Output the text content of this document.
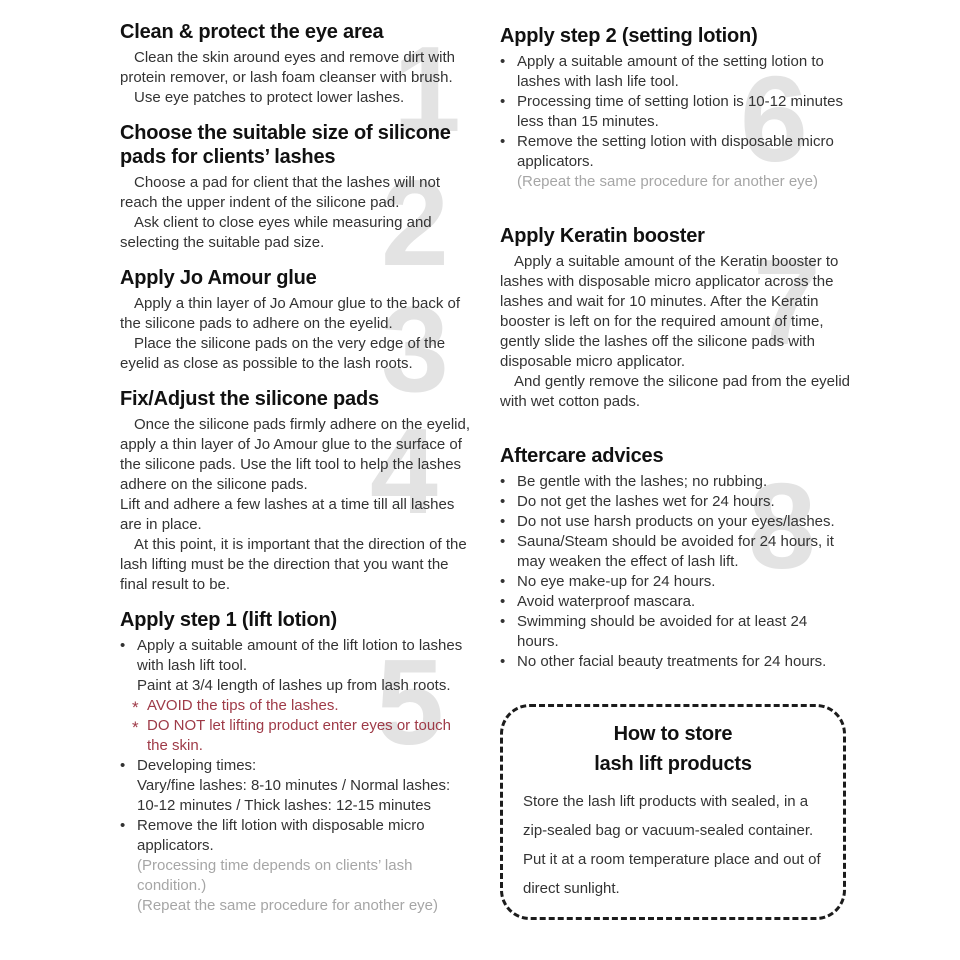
1
2
3
4
5
6
7
8
Clean & protect the eye area

Clean the skin around eyes and remove dirt with protein remover, or lash foam cleanser with brush.

Use eye patches to protect lower lashes.

Choose the suitable size of silicone pads for clients’ lashes

Choose a pad for client that the lashes will not reach the upper indent of the silicone pad.

Ask client to close eyes while measuring and selecting the suitable pad size.

Apply Jo Amour glue

Apply a thin layer of Jo Amour glue to the back of the silicone pads to adhere on the eyelid.

Place the silicone pads on the very edge of the eyelid as close as possible to the lash roots.

Fix/Adjust the silicone pads

Once the silicone pads firmly adhere on the eyelid, apply a thin layer of Jo Amour glue to the surface of the silicone pads. Use the lift tool to help the lashes adhere on the silicone pads.

Lift and adhere a few lashes at a time till all lashes are in place.

At this point, it is important that the direction of the lash lifting must be the direction that you want the final result to be.

Apply step 1 (lift lotion)
• Apply a suitable amount of the lift lotion to lashes with lash lift tool.
Paint at 3/4 length of lashes up from lash roots.
* AVOID the tips of the lashes.
* DO NOT let lifting product enter eyes or touch the skin.
• Developing times:
Vary/fine lashes: 8-10 minutes / Normal lashes: 10-12 minutes / Thick lashes: 12-15 minutes
• Remove the lift lotion with disposable micro applicators.
(Processing time depends on clients’ lash condition.)
(Repeat the same procedure for another eye)
Apply step 2 (setting lotion)
• Apply a suitable amount of the setting lotion to lashes with lash life tool.
• Processing time of setting lotion is 10-12 minutes less than 15 minutes.
• Remove the setting lotion with disposable micro applicators.
(Repeat the same procedure for another eye)
Apply Keratin booster

Apply a suitable amount of the Keratin booster to lashes with disposable micro applicator across the lashes and wait for 10 minutes. After the Keratin booster is left on for the required amount of time, gently slide the lashes off the silicone pads with disposable micro applicator.

And gently remove the silicone pad from the eyelid with wet cotton pads.

Aftercare advices
• Be gentle with the lashes; no rubbing.
• Do not get the lashes wet for 24 hours.
• Do not use harsh products on your eyes/lashes.
• Sauna/Steam should be avoided for 24 hours, it may weaken the effect of lash lift.
• No eye make-up for 24 hours.
• Avoid waterproof mascara.
• Swimming should be avoided for at least 24 hours.
• No other facial beauty treatments for 24 hours.
How to store
lash lift products
Store the lash lift products with sealed, in a zip-sealed bag or vacuum-sealed container. Put it at a room temperature place and out of direct sunlight.
